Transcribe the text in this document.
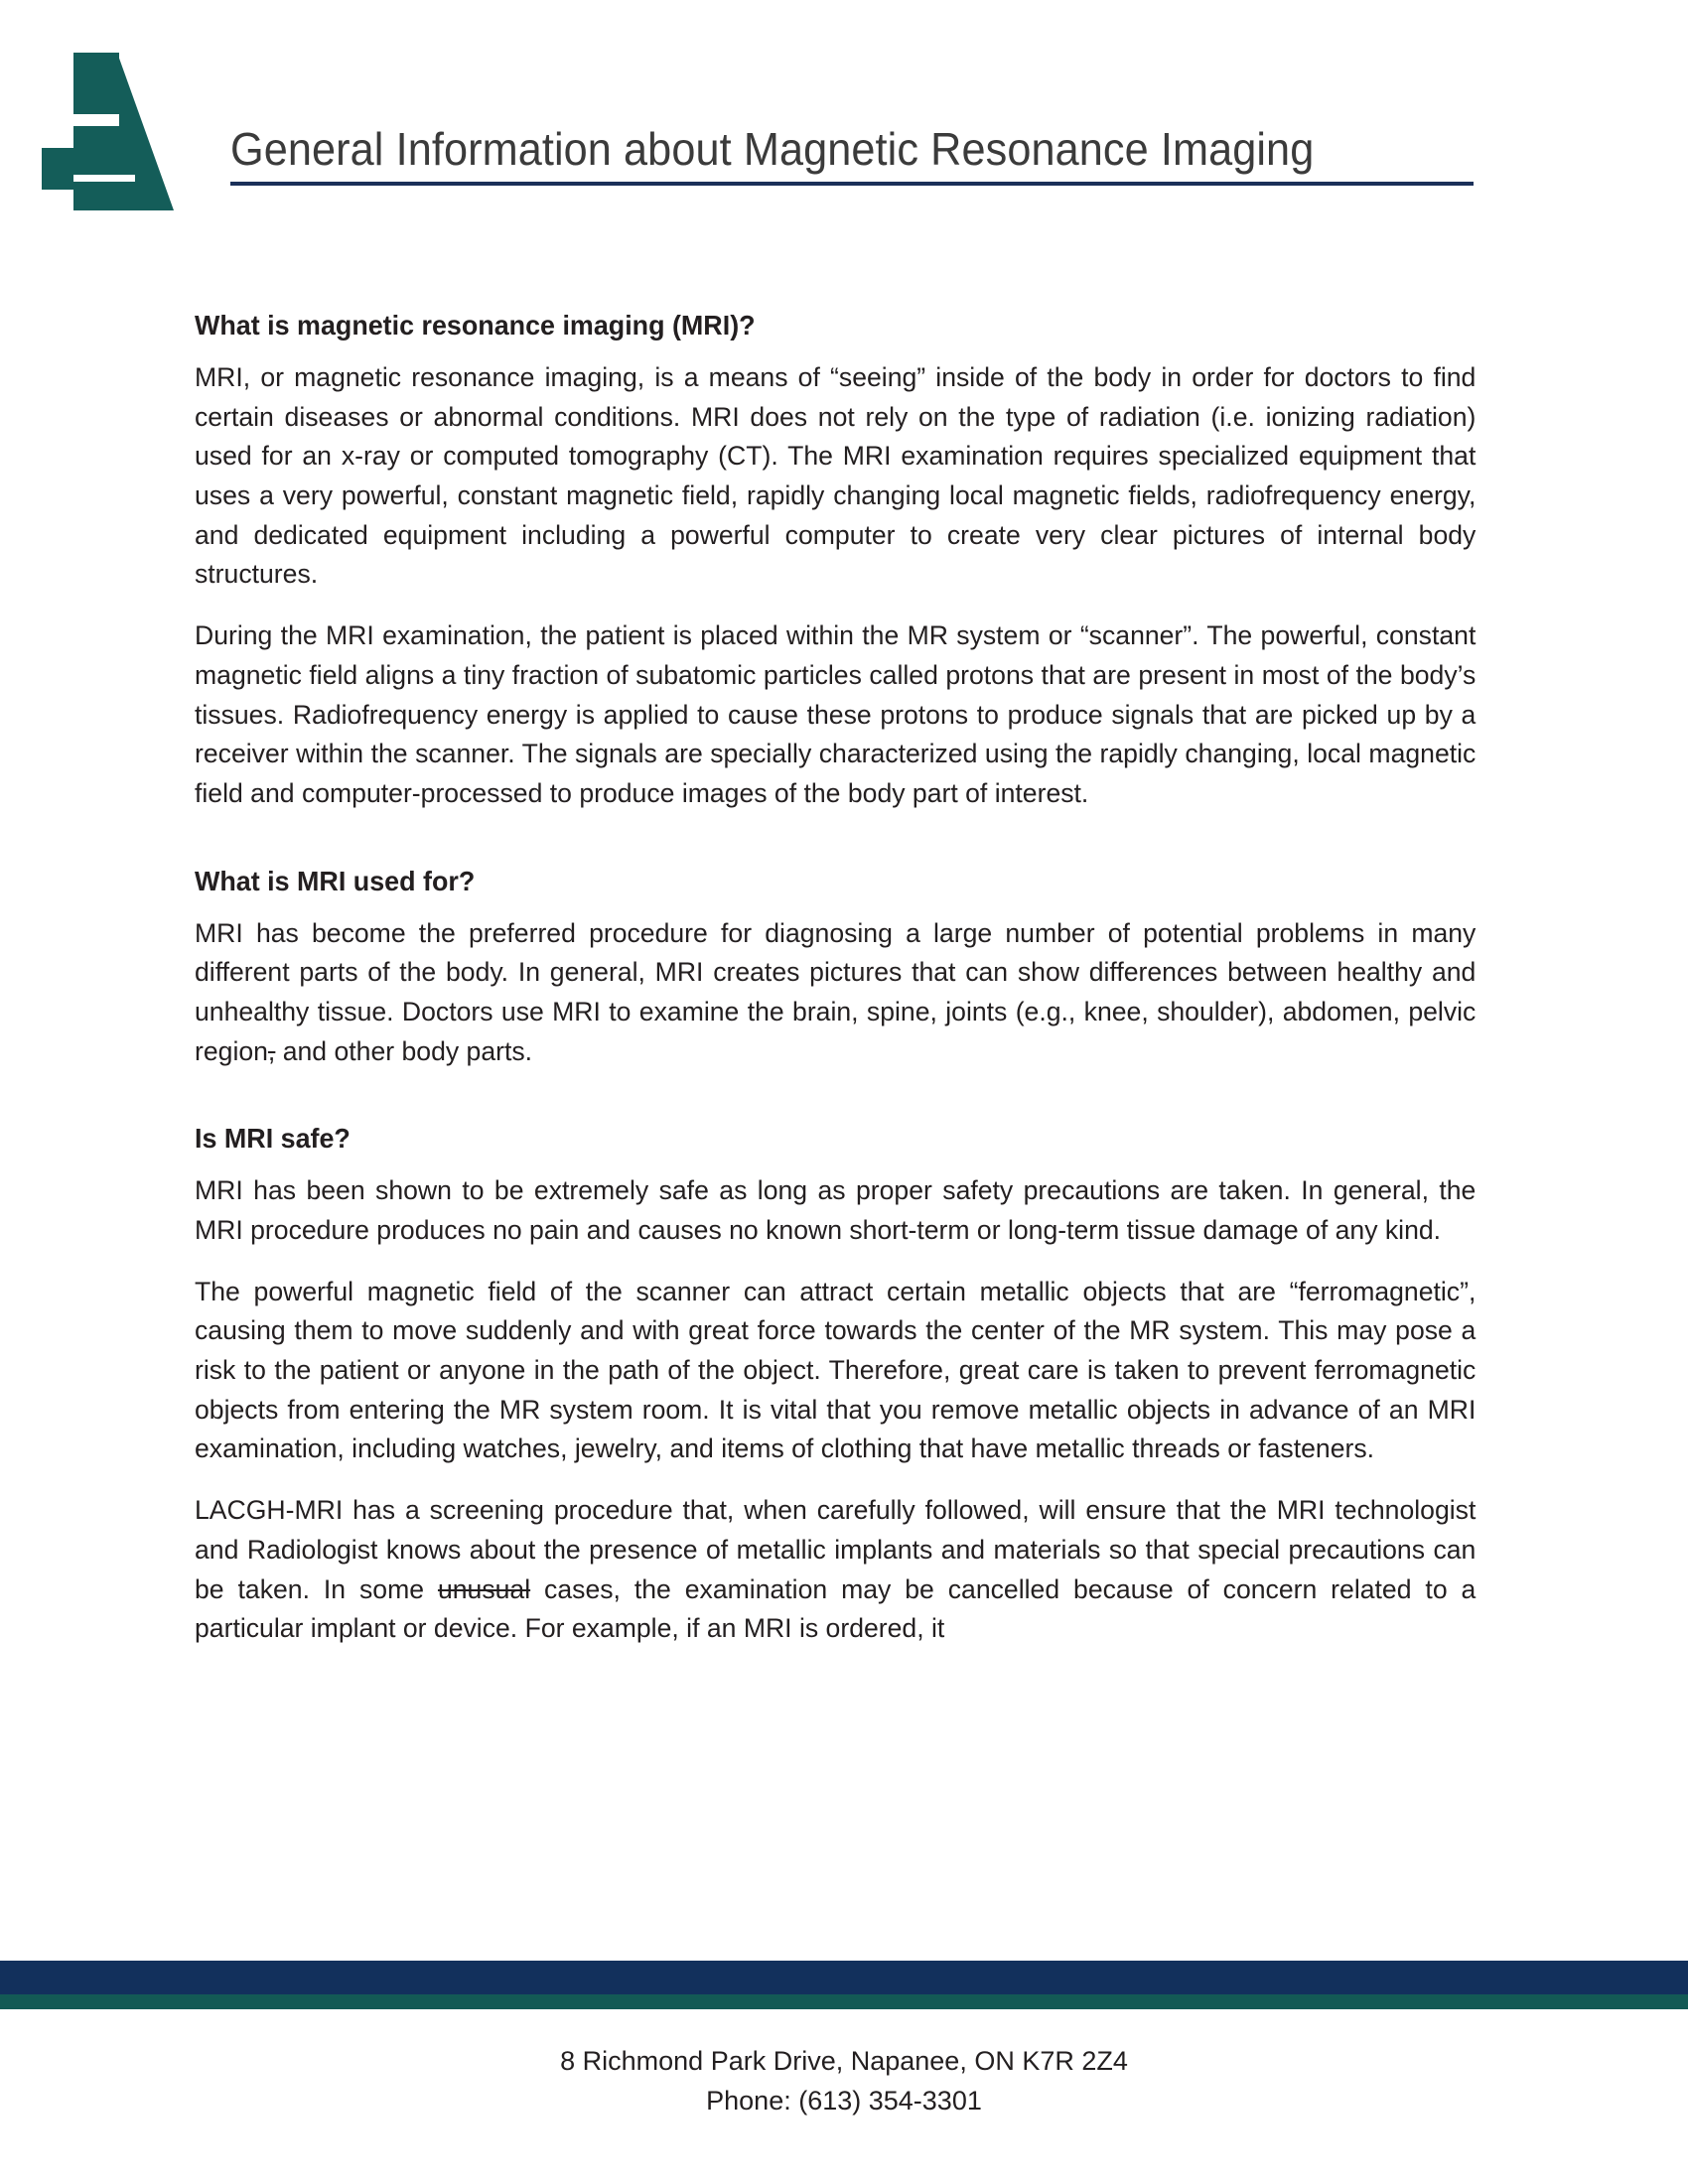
General Information about Magnetic Resonance Imaging
What is magnetic resonance imaging (MRI)?

MRI, or magnetic resonance imaging, is a means of “seeing” inside of the body in order for doctors to find certain diseases or abnormal conditions. MRI does not rely on the type of radiation (i.e. ionizing radiation) used for an x-ray or computed tomography (CT). The MRI examination requires specialized equipment that uses a very powerful, constant magnetic field, rapidly changing local magnetic fields, radiofrequency energy, and dedicated equipment including a powerful computer to create very clear pictures of internal body structures.

During the MRI examination, the patient is placed within the MR system or “scanner”. The powerful, constant magnetic field aligns a tiny fraction of subatomic particles called protons that are present in most of the body’s tissues. Radiofrequency energy is applied to cause these protons to produce signals that are picked up by a receiver within the scanner. The signals are specially characterized using the rapidly changing, local magnetic field and computer-processed to produce images of the body part of interest.

What is MRI used for?

MRI has become the preferred procedure for diagnosing a large number of potential problems in many different parts of the body. In general, MRI creates pictures that can show differences between healthy and unhealthy tissue. Doctors use MRI to examine the brain, spine, joints (e.g., knee, shoulder), abdomen, pelvic region, and other body parts.

Is MRI safe?

MRI has been shown to be extremely safe as long as proper safety precautions are taken. In general, the MRI procedure produces no pain and causes no known short-term or long-term tissue damage of any kind.

The powerful magnetic field of the scanner can attract certain metallic objects that are “ferromagnetic”, causing them to move suddenly and with great force towards the center of the MR system. This may pose a risk to the patient or anyone in the path of the object. Therefore, great care is taken to prevent ferromagnetic objects from entering the MR system room. It is vital that you remove metallic objects in advance of an MRI examination, including watches, jewelry, and items of clothing that have metallic threads or fasteners.

LACGH-MRI has a screening procedure that, when carefully followed, will ensure that the MRI technologist and Radiologist knows about the presence of metallic implants and materials so that special precautions can be taken. In some unusual cases, the examination may be cancelled because of concern related to a particular implant or device. For example, if an MRI is ordered, it

8 Richmond Park Drive, Napanee, ON K7R 2Z4
Phone: (613) 354-3301
